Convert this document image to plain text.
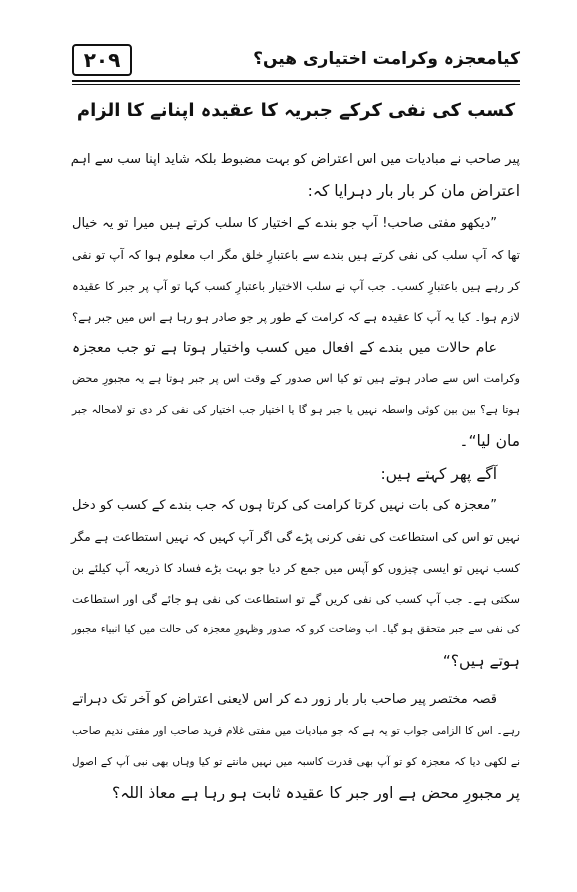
۲۰۹	کیامعجزہ وکرامت اختیاری ھیں؟
کسب کی نفی کرکے جبریہ کا عقیدہ اپنانے کا الزام
پیر صاحب نے مبادیات میں اس اعتراض کو بہت مضبوط بلکہ شاید اپنا سب سے اہم
اعتراض مان کر بار بار دہرایا کہ:
”دیکھو مفتی صاحب! آپ جو بندے کے اختیار کا سلب کرتے ہیں میرا تو یہ خیال
تھا کہ آپ سلب کی نفی کرتے ہیں بندے سے باعتبارِ خلق مگر اب معلوم ہوا کہ آپ تو نفی
کر رہے ہیں باعتبارِ کسب۔ جب آپ نے سلب الاختیار باعتبارِ کسب کہا تو آپ پر جبر کا عقیدہ
لازم ہوا۔ کیا یہ آپ کا عقیدہ ہے کہ کرامت کے طور پر جو صادر ہو رہا ہے اس میں جبر ہے؟
عام حالات میں بندے کے افعال میں کسب واختیار ہوتا ہے تو جب معجزہ
وکرامت اس سے صادر ہوتے ہیں تو کیا اس صدور کے وقت اس پر جبر ہوتا ہے یہ مجبورِ محض
ہوتا ہے؟ بین بین کوئی واسطہ نہیں یا جبر ہو گا یا اختیار جب اختیار کی نفی کر دی تو لامحالہ جبر
مان لیا“۔
آگے پھر کہتے ہیں:
”معجزہ کی بات نہیں کرتا کرامت کی کرتا ہوں کہ جب بندے کے کسب کو دخل
نہیں تو اس کی استطاعت کی نفی کرنی پڑے گی اگر آپ کہیں کہ نہیں استطاعت ہے مگر
کسب نہیں تو ایسی چیزوں کو آپس میں جمع کر دیا جو بہت بڑے فساد کا ذریعہ آپ کیلئے بن
سکتی ہے۔ جب آپ کسب کی نفی کریں گے تو استطاعت کی نفی ہو جائے گی اور استطاعت
کی نفی سے جبر متحقق ہو گیا۔ اب وضاحت کرو کہ صدور وظہورِ معجزہ کی حالت میں کیا انبیاء مجبور
ہوتے ہیں؟“
قصہ مختصر پیر صاحب بار بار زور دے کر اس لایعنی اعتراض کو آخر تک دہراتے
رہے۔ اس کا الزامی جواب تو یہ ہے کہ جو مبادیات میں مفتی غلام فرید صاحب اور مفتی ندیم صاحب
نے لکھی دیا کہ معجزہ کو تو آپ بھی قدرت کاسبہ میں نہیں مانتے تو کیا وہاں بھی نبی آپ کے اصول
پر مجبورِ محض ہے اور جبر کا عقیدہ ثابت ہو رہا ہے معاذ اللہ؟
